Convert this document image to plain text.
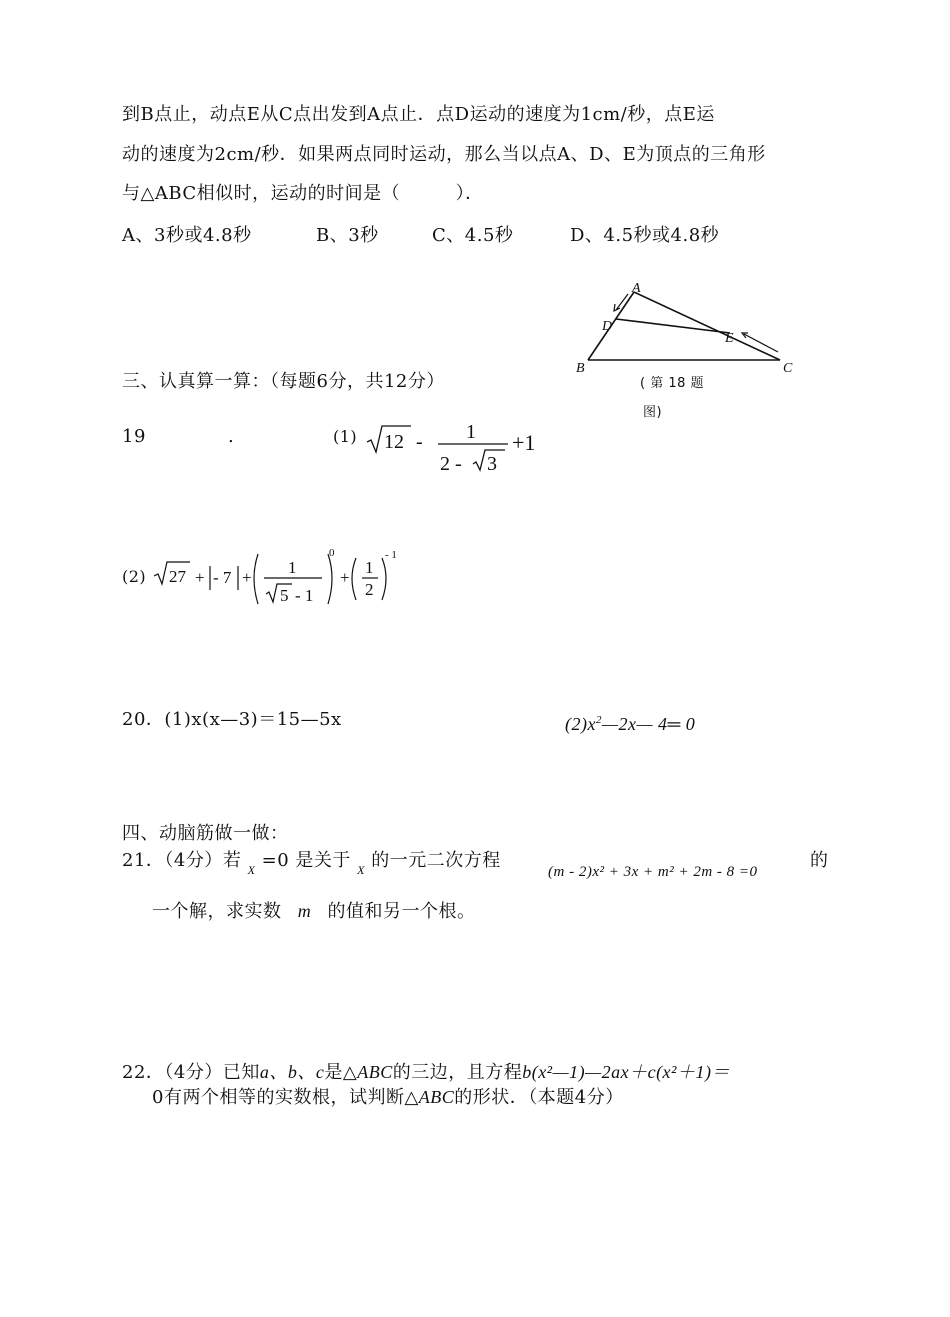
到B点止，动点E从C点出发到A点止．点D运动的速度为1cm/秒，点E运
动的速度为2cm/秒．如果两点同时运动，那么当以点A、D、E为顶点的三角形
与△ABC相似时，运动的时间是（　　　）．
A、3秒或4.8秒	B、3秒	C、4.5秒	D、4.5秒或4.8秒
A
B	C
D
E
( 第 18 题
图)
三、认真算一算：（每题6分，共12分）
19	.	(1) 12 - 1
2 - 3
+1
(2) 27 + - 7 +
1
5 - 1
0
+
1
2
- 1
20．(1)x(x—3)＝15—5x	$(2)x^2—2x—$ 4═ 0
四、动脑筋做一做：
21．（4分）若 $_X$ =0 是关于 $_X$ 的一元二次方程
(m - 2)x² + 3x + m² + 2m - 8 =0
的
一个解，求实数 m 的值和另一个根。
22．（4分）已知a、b、c是△ABC的三边，且方程b(x²—1)—2ax＋c(x²＋1)＝
0有两个相等的实数根，试判断△ABC的形状．（本题4分）
